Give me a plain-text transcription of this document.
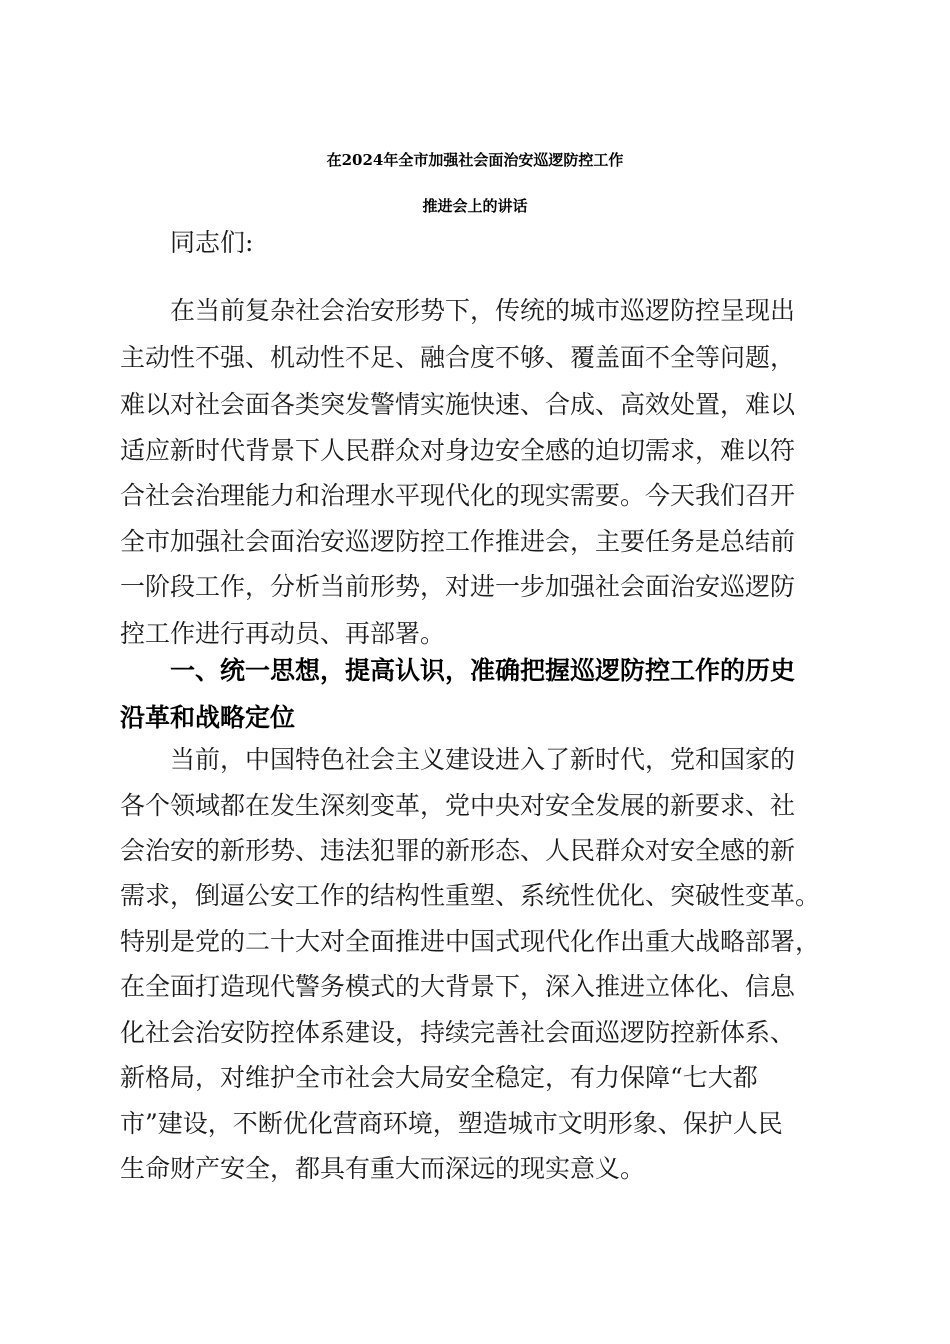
在2024年全市加强社会面治安巡逻防控工作
推进会上的讲话
同志们:
在当前复杂社会治安形势下，传统的城市巡逻防控呈现出
主动性不强、机动性不足、融合度不够、覆盖面不全等问题，
难以对社会面各类突发警情实施快速、合成、高效处置，难以
适应新时代背景下人民群众对身边安全感的迫切需求，难以符
合社会治理能力和治理水平现代化的现实需要。今天我们召开
全市加强社会面治安巡逻防控工作推进会，主要任务是总结前
一阶段工作，分析当前形势，对进一步加强社会面治安巡逻防
控工作进行再动员、再部署。
一、统一思想，提高认识，准确把握巡逻防控工作的历史
沿革和战略定位
当前，中国特色社会主义建设进入了新时代，党和国家的
各个领域都在发生深刻变革，党中央对安全发展的新要求、社
会治安的新形势、违法犯罪的新形态、人民群众对安全感的新
需求，倒逼公安工作的结构性重塑、系统性优化、突破性变革。
特别是党的二十大对全面推进中国式现代化作出重大战略部署，
在全面打造现代警务模式的大背景下，深入推进立体化、信息
化社会治安防控体系建设，持续完善社会面巡逻防控新体系、
新格局，对维护全市社会大局安全稳定，有力保障“七大都
市”建设，不断优化营商环境，塑造城市文明形象、保护人民
生命财产安全，都具有重大而深远的现实意义。
